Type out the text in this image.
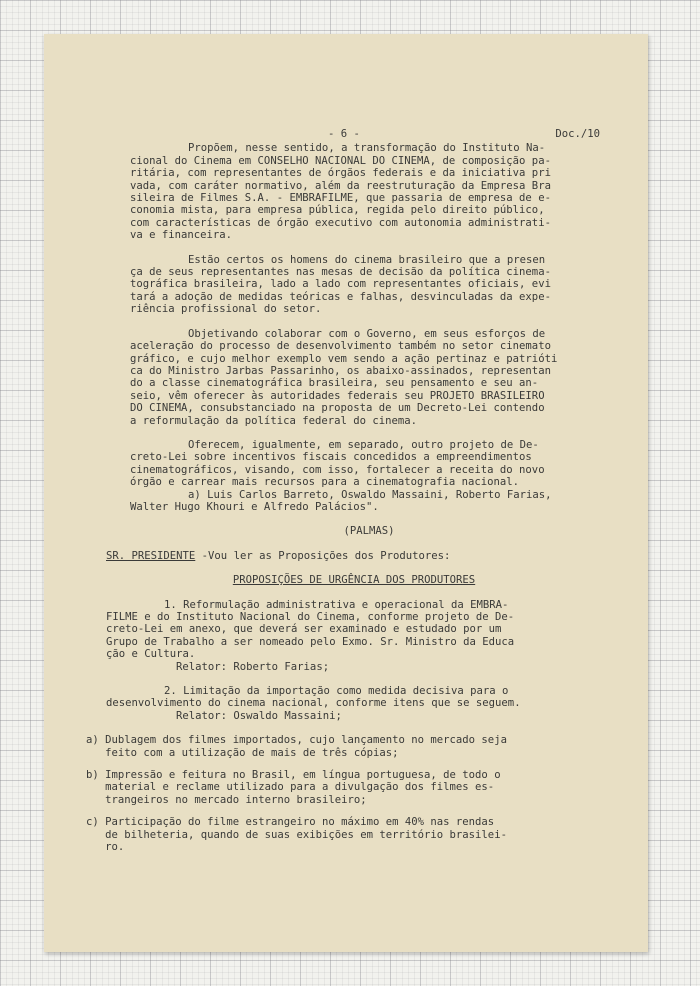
- 6 -	Doc./10

Propõem, nesse sentido, a transformação do Instituto Na-
cional do Cinema em CONSELHO NACIONAL DO CINEMA, de composição pa-
ritária, com representantes de órgãos federais e da iniciativa pri
vada, com caráter normativo, além da reestruturação da Empresa Bra
sileira de Filmes S.A. - EMBRAFILME, que passaria de empresa de e-
conomia mista, para empresa pública, regida pelo direito público,
com características de órgão executivo com autonomia administrati-
va e financeira.

Estão certos os homens do cinema brasileiro que a presen
ça de seus representantes nas mesas de decisão da política cinema-
tográfica brasileira, lado a lado com representantes oficiais, evi
tará a adoção de medidas teóricas e falhas, desvinculadas da expe-
riência profissional do setor.

Objetivando colaborar com o Governo, em seus esforços de
aceleração do processo de desenvolvimento também no setor cinemato
gráfico, e cujo melhor exemplo vem sendo a ação pertinaz e patrióti
ca do Ministro Jarbas Passarinho, os abaixo-assinados, representan
do a classe cinematográfica brasileira, seu pensamento e seu an-
seio, vêm oferecer às autoridades federais seu PROJETO BRASILEIRO
DO CINEMA, consubstanciado na proposta de um Decreto-Lei contendo
a reformulação da política federal do cinema.

Oferecem, igualmente, em separado, outro projeto de De-
creto-Lei sobre incentivos fiscais concedidos a empreendimentos
cinematográficos, visando, com isso, fortalecer a receita do novo
órgão e carrear mais recursos para a cinematografia nacional.
a) Luis Carlos Barreto, Oswaldo Massaini, Roberto Farias,
Walter Hugo Khouri e Alfredo Palácios".

(PALMAS)

SR. PRESIDENTE -Vou ler as Proposições dos Produtores:

PROPOSIÇÕES DE URGÊNCIA DOS PRODUTORES

1. Reformulação administrativa e operacional da EMBRA-
FILME e do Instituto Nacional do Cinema, conforme projeto de De-
creto-Lei em anexo, que deverá ser examinado e estudado por um
Grupo de Trabalho a ser nomeado pelo Exmo. Sr. Ministro da Educa
ção e Cultura.
Relator: Roberto Farias;

2. Limitação da importação como medida decisiva para o
desenvolvimento do cinema nacional, conforme itens que se seguem.
Relator: Oswaldo Massaini;

a) Dublagem dos filmes importados, cujo lançamento no mercado seja
feito com a utilização de mais de três cópias;

b) Impressão e feitura no Brasil, em língua portuguesa, de todo o
material e reclame utilizado para a divulgação dos filmes es-
trangeiros no mercado interno brasileiro;

c) Participação do filme estrangeiro no máximo em 40% nas rendas
de bilheteria, quando de suas exibições em território brasilei-
ro.
